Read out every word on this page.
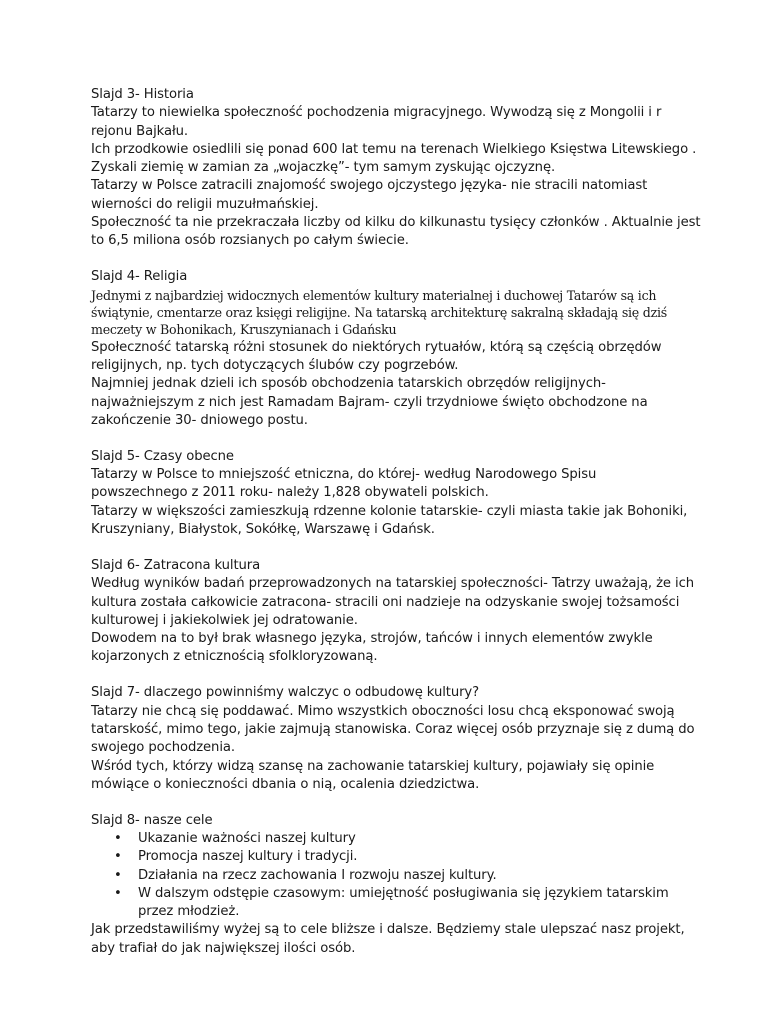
Slajd 3- Historia
Tatarzy to niewielka społeczność pochodzenia migracyjnego. Wywodzą się z Mongolii i r
rejonu Bajkału.
Ich przodkowie osiedlili się ponad 600 lat temu na terenach Wielkiego Księstwa Litewskiego .
Zyskali ziemię w zamian za „wojaczkę”- tym samym zyskując ojczyznę.
Tatarzy w Polsce zatracili znajomość swojego ojczystego języka- nie stracili natomiast
wierności do religii muzułmańskiej.
Społeczność ta nie przekraczała liczby od kilku do kilkunastu tysięcy członków . Aktualnie jest
to 6,5 miliona osób rozsianych po całym świecie.
Slajd 4- Religia
Jednymi z najbardziej widocznych elementów kultury materialnej i duchowej Tatarów są ich
świątynie, cmentarze oraz księgi religijne. Na tatarską architekturę sakralną składają się dziś
meczety w Bohonikach, Kruszynianach i Gdańsku
Społeczność tatarską różni stosunek do niektórych rytuałów, którą są częścią obrzędów
religijnych, np. tych dotyczących ślubów czy pogrzebów.
Najmniej jednak dzieli ich sposób obchodzenia tatarskich obrzędów religijnych-
najważniejszym z nich jest Ramadam Bajram- czyli trzydniowe święto obchodzone na
zakończenie 30- dniowego postu.
Slajd 5- Czasy obecne
Tatarzy w Polsce to mniejszość etniczna, do której- według Narodowego Spisu
powszechnego z 2011 roku- należy 1,828 obywateli polskich.
Tatarzy w większości zamieszkują rdzenne kolonie tatarskie- czyli miasta takie jak Bohoniki,
Kruszyniany, Białystok, Sokółkę, Warszawę i Gdańsk.
Slajd 6- Zatracona kultura
Według wyników badań przeprowadzonych na tatarskiej społeczności- Tatrzy uważają, że ich
kultura została całkowicie zatracona- stracili oni nadzieje na odzyskanie swojej tożsamości
kulturowej i jakiekolwiek jej odratowanie.
Dowodem na to był brak własnego języka, strojów, tańców i innych elementów zwykle
kojarzonych z etnicznością sfolkloryzowaną.
Slajd 7- dlaczego powinniśmy walczyc o odbudowę kultury?
Tatarzy nie chcą się poddawać. Mimo wszystkich oboczności losu chcą eksponować swoją
tatarskość, mimo tego, jakie zajmują stanowiska. Coraz więcej osób przyznaje się z dumą do
swojego pochodzenia.
Wśród tych, którzy widzą szansę na zachowanie tatarskiej kultury, pojawiały się opinie
mówiące o konieczności dbania o nią, ocalenia dziedzictwa.
Slajd 8- nasze cele
• Ukazanie ważności naszej kultury
• Promocja naszej kultury i tradycji.
• Działania na rzecz zachowania I rozwoju naszej kultury.
• W dalszym odstępie czasowym: umiejętność posługiwania się językiem tatarskim
przez młodzież.
Jak przedstawiliśmy wyżej są to cele bliższe i dalsze. Będziemy stale ulepszać nasz projekt,
aby trafiał do jak największej ilości osób.
